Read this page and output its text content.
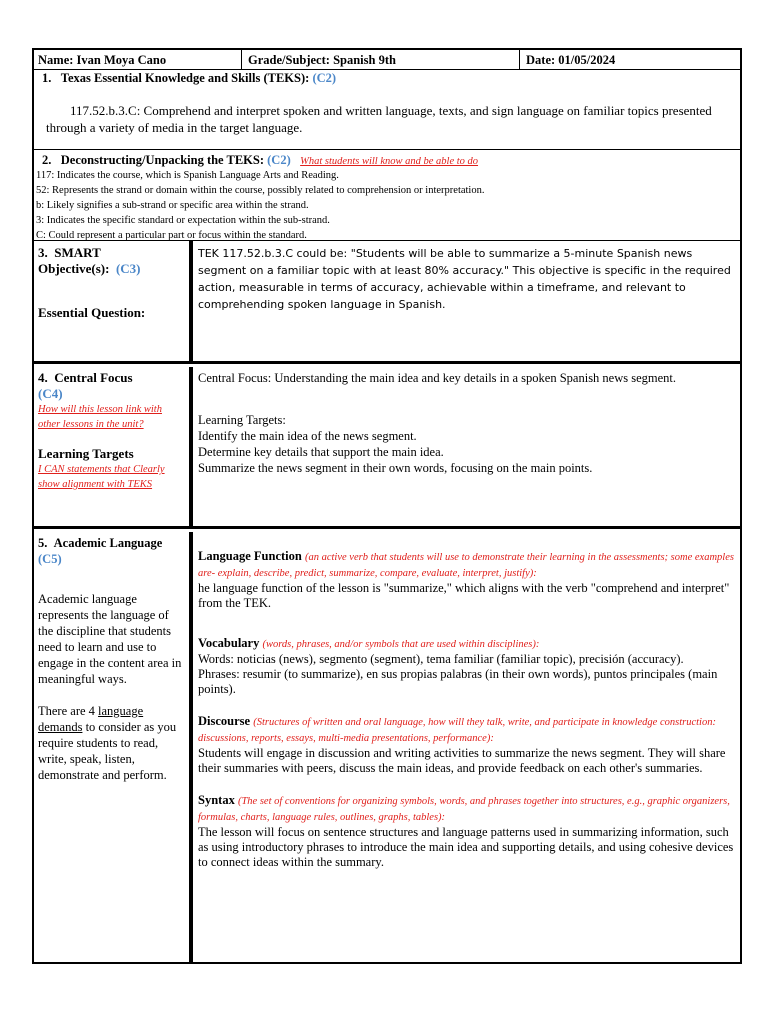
Name: Ivan Moya Cano	Grade/Subject: Spanish 9th	Date: 01/05/2024
1. Texas Essential Knowledge and Skills (TEKS): (C2)
117.52.b.3.C: Comprehend and interpret spoken and written language, texts, and sign language on familiar topics presented through a variety of media in the target language.
2. Deconstructing/Unpacking the TEKS: (C2) What students will know and be able to do

117: Indicates the course, which is Spanish Language Arts and Reading.

52: Represents the strand or domain within the course, possibly related to comprehension or interpretation.

b: Likely signifies a sub-strand or specific area within the strand.

3: Indicates the specific standard or expectation within the sub-strand.

C: Could represent a particular part or focus within the standard.

3. SMART
Objective(s): (C3)
Essential Question:
TEK 117.52.b.3.C could be: "Students will be able to summarize a 5-minute Spanish news segment on a familiar topic with at least 80% accuracy." This objective is specific in the required action, measurable in terms of accuracy, achievable within a timeframe, and relevant to comprehending spoken language in Spanish.
4. Central Focus
(C4)
How will this lesson link with other lessons in the unit?
Learning Targets
I CAN statements that Clearly show alignment with TEKS

Central Focus: Understanding the main idea and key details in a spoken Spanish news segment.

Learning Targets:

Identify the main idea of the news segment.

Determine key details that support the main idea.

Summarize the news segment in their own words, focusing on the main points.

5. Academic Language
(C5)

Academic language represents the language of the discipline that students need to learn and use to engage in the content area in meaningful ways.

There are 4 language demands to consider as you require students to read, write, speak, listen, demonstrate and perform.

Language Function (an active verb that students will use to demonstrate their learning in the assessments; some examples are- explain, describe, predict, summarize, compare, evaluate, interpret, justify):

he language function of the lesson is "summarize," which aligns with the verb "comprehend and interpret" from the TEK.

Vocabulary (words, phrases, and/or symbols that are used within disciplines):

Words: noticias (news), segmento (segment), tema familiar (familiar topic), precisión (accuracy).

Phrases: resumir (to summarize), en sus propias palabras (in their own words), puntos principales (main points).

Discourse (Structures of written and oral language, how will they talk, write, and participate in knowledge construction: discussions, reports, essays, multi-media presentations, performance):

Students will engage in discussion and writing activities to summarize the news segment. They will share their summaries with peers, discuss the main ideas, and provide feedback on each other's summaries.

Syntax (The set of conventions for organizing symbols, words, and phrases together into structures, e.g., graphic organizers, formulas, charts, language rules, outlines, graphs, tables):

The lesson will focus on sentence structures and language patterns used in summarizing information, such as using introductory phrases to introduce the main idea and supporting details, and using cohesive devices to connect ideas within the summary.
